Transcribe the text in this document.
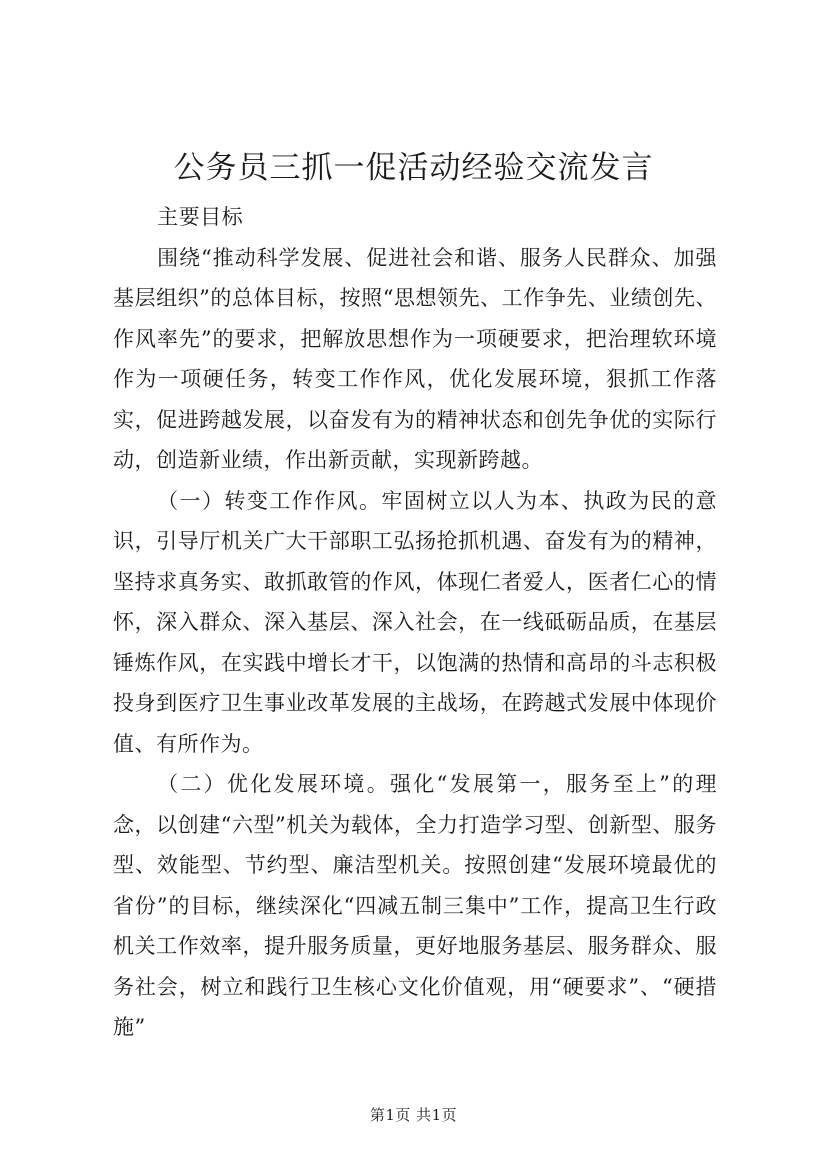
公务员三抓一促活动经验交流发言

主要目标

围绕“推动科学发展、促进社会和谐、服务人民群众、加强基层组织”的总体目标，按照“思想领先、工作争先、业绩创先、作风率先”的要求，把解放思想作为一项硬要求，把治理软环境作为一项硬任务，转变工作作风，优化发展环境，狠抓工作落实，促进跨越发展，以奋发有为的精神状态和创先争优的实际行动，创造新业绩，作出新贡献，实现新跨越。

（一）转变工作作风。牢固树立以人为本、执政为民的意识，引导厅机关广大干部职工弘扬抢抓机遇、奋发有为的精神，坚持求真务实、敢抓敢管的作风，体现仁者爱人，医者仁心的情怀，深入群众、深入基层、深入社会，在一线砥砺品质，在基层锤炼作风，在实践中增长才干，以饱满的热情和高昂的斗志积极投身到医疗卫生事业改革发展的主战场，在跨越式发展中体现价值、有所作为。

（二）优化发展环境。强化“发展第一，服务至上”的理念，以创建“六型”机关为载体，全力打造学习型、创新型、服务型、效能型、节约型、廉洁型机关。按照创建“发展环境最优的省份”的目标，继续深化“四减五制三集中”工作，提高卫生行政机关工作效率，提升服务质量，更好地服务基层、服务群众、服务社会，树立和践行卫生核心文化价值观，用“硬要求”、“硬措施”

第1页 共1页
